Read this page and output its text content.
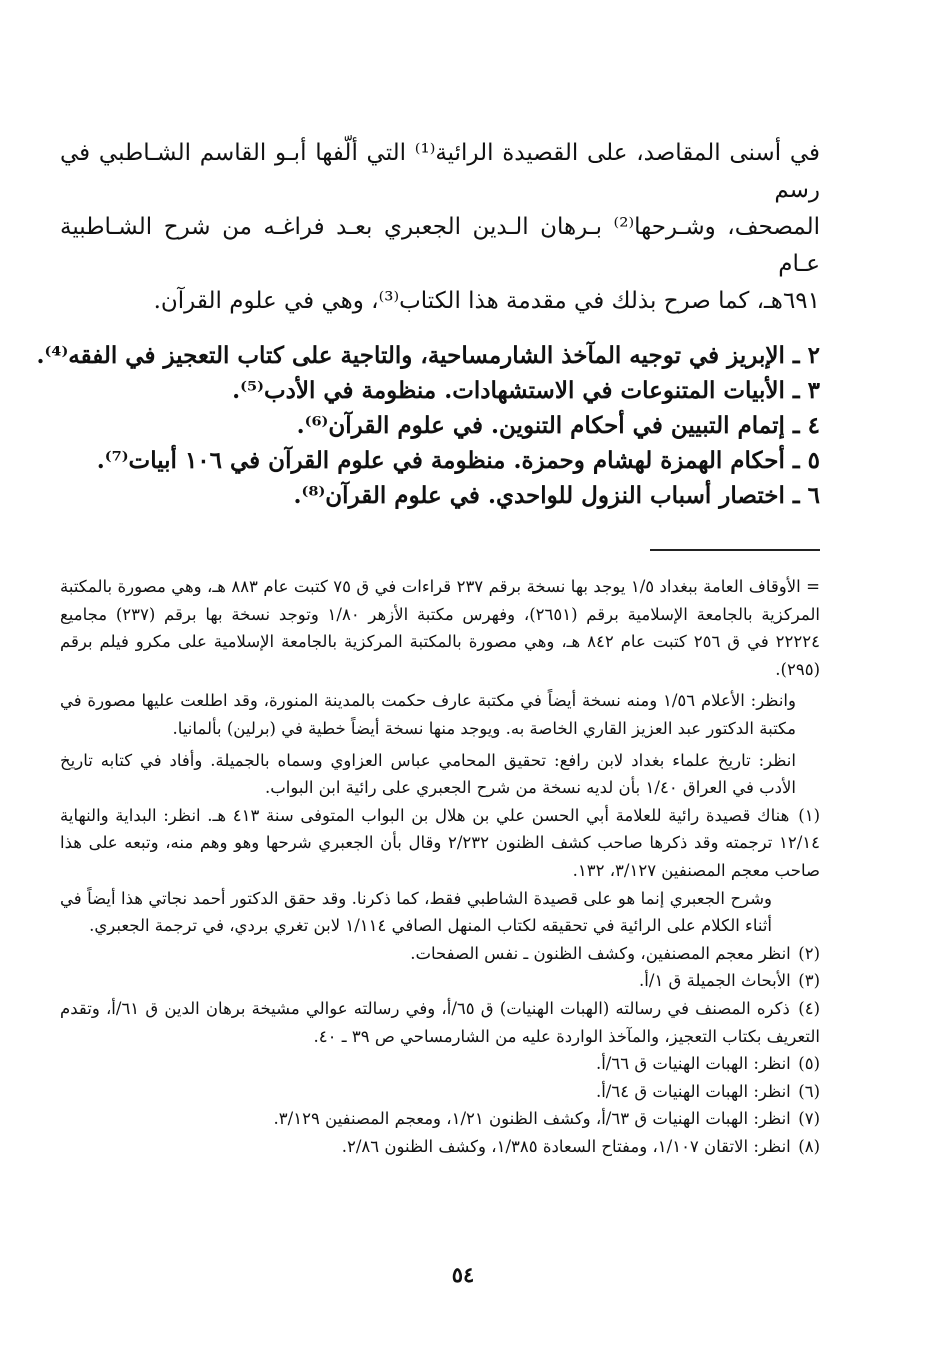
في أسنى المقاصد، على القصيدة الرائية⁽¹⁾ التي ألّفها أبـو القاسم الشـاطبي في رسم

المصحف، وشـرحها⁽²⁾ بـرهان الـدين الجعبري بعـد فراغـه من شرح الشـاطبية عـام

٦٩١هـ، كما صرح بذلك في مقدمة هذا الكتاب⁽³⁾، وهي في علوم القرآن.

٢ ـ الإبريز في توجيه المآخذ الشارمساحية، والتاجية على كتاب التعجيز في الفقه⁽⁴⁾.
٣ ـ الأبيات المتنوعات في الاستشهادات. منظومة في الأدب⁽⁵⁾.
٤ ـ إتمام التبيين في أحكام التنوين. في علوم القرآن⁽⁶⁾.
٥ ـ أحكام الهمزة لهشام وحمزة. منظومة في علوم القرآن في ١٠٦ أبيات⁽⁷⁾.
٦ ـ اختصار أسباب النزول للواحدي. في علوم القرآن⁽⁸⁾.
= الأوقاف العامة ببغداد ١/٥ يوجد بها نسخة برقم ٢٣٧ قراءات في ق ٧٥ كتبت عام ٨٨٣ هـ، وهي مصورة بالمكتبة المركزية بالجامعة الإسلامية برقم (٢٦٥١)، وفهرس مكتبة الأزهر ١/٨٠ وتوجد نسخة بها برقم (٢٣٧) مجاميع ٢٢٢٢٤ في ق ٢٥٦ كتبت عام ٨٤٢ هـ، وهي مصورة بالمكتبة المركزية بالجامعة الإسلامية على مكرو فيلم برقم (٢٩٥).
وانظر: الأعلام ١/٥٦ ومنه نسخة أيضاً في مكتبة عارف حكمت بالمدينة المنورة، وقد اطلعت عليها مصورة في مكتبة الدكتور عبد العزيز القاري الخاصة به. ويوجد منها نسخة أيضاً خطية في (برلين) بألمانيا.
انظر: تاريخ علماء بغداد لابن رافع: تحقيق المحامي عباس العزاوي وسماه بالجميلة. وأفاد في كتابه تاريخ الأدب في العراق ١/٤٠ بأن لديه نسخة من شرح الجعبري على رائية ابن البواب.
(١) هناك قصيدة رائية للعلامة أبي الحسن علي بن هلال بن البواب المتوفى سنة ٤١٣ هـ. انظر: البداية والنهاية ١٢/١٤ ترجمته وقد ذكرها صاحب كشف الظنون ٢/٢٣٢ وقال بأن الجعبري شرحها وهو وهم منه، وتبعه على هذا صاحب معجم المصنفين ٣/١٢٧، ١٣٢.
وشرح الجعبري إنما هو على قصيدة الشاطبي فقط، كما ذكرنا. وقد حقق الدكتور أحمد نجاتي هذا أيضاً في أثناء الكلام على الرائية في تحقيقه لكتاب المنهل الصافي ١/١١٤ لابن تغري بردي، في ترجمة الجعبري.
(٢) انظر معجم المصنفين، وكشف الظنون ـ نفس الصفحات.
(٣) الأبحاث الجميلة ق ١/أ.
(٤) ذكره المصنف في رسالته (الهبات الهنيات) ق ٦٥/أ، وفي رسالته عوالي مشيخة برهان الدين ق ٦١/أ، وتقدم التعريف بكتاب التعجيز، والمآخذ الواردة عليه من الشارمساحي ص ٣٩ ـ ٤٠.
(٥) انظر: الهبات الهنيات ق ٦٦/أ.
(٦) انظر: الهبات الهنيات ق ٦٤/أ.
(٧) انظر: الهبات الهنيات ق ٦٣/أ، وكشف الظنون ١/٢١، ومعجم المصنفين ٣/١٢٩.
(٨) انظر: الاتقان ١/١٠٧، ومفتاح السعادة ١/٣٨٥، وكشف الظنون ٢/٨٦.
٥٤
